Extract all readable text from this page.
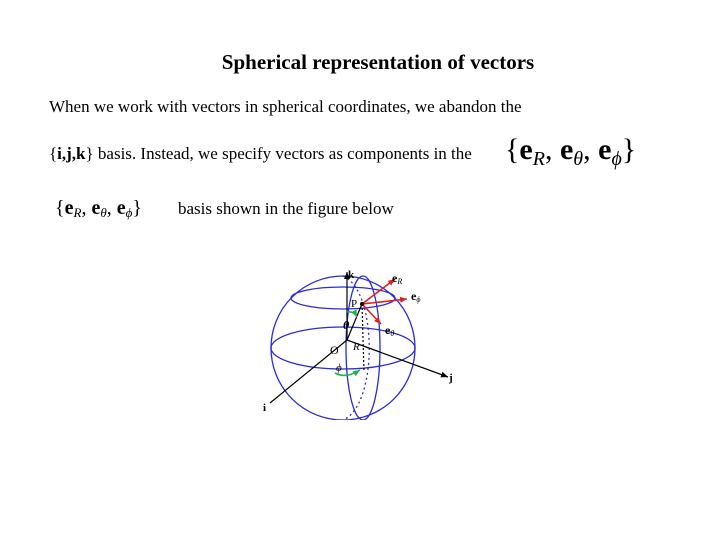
Spherical representation of vectors
When we work with vectors in spherical coordinates, we abandon the
{i,j,k} basis. Instead, we specify vectors as components in the {$e_R$, $e_\theta$, $e_\phi$}
{eR, eθ, eϕ} basis shown in the figure below
k
j
i
O
P
R
θ
ϕ
eR
eϕ
eθ
